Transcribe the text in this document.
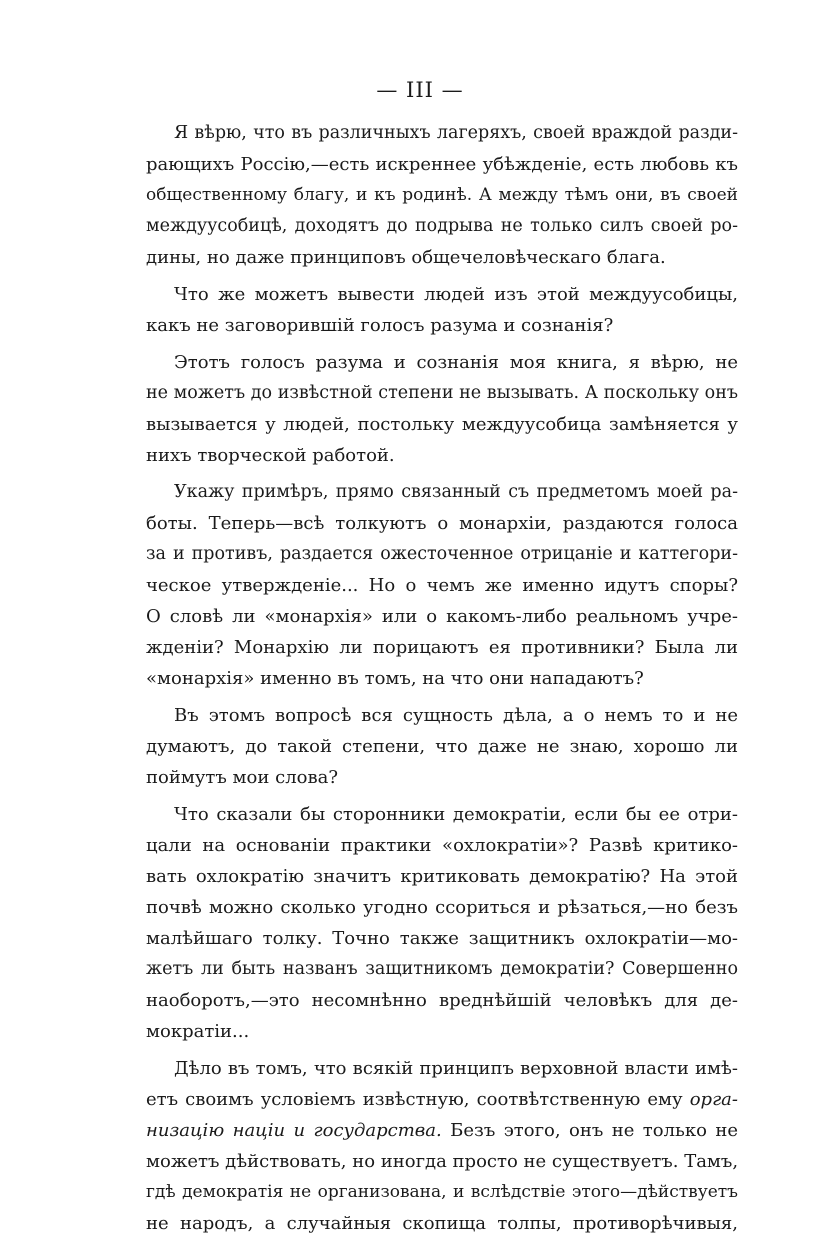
— III —
Я вѣрю, что въ различныхъ лагеряхъ, своей враждой разди-
рающихъ Россію,—есть искреннее убѣжденіе, есть любовь къ
общественному благу, и къ родинѣ. А между тѣмъ они, въ своей
междуусобицѣ, доходятъ до подрыва не только силъ своей ро-
дины, но даже принциповъ общечеловѣческаго блага.
Что же можетъ вывести людей изъ этой междуусобицы,
какъ не заговорившій голосъ разума и сознанія?
Этотъ голосъ разума и сознанія моя книга, я вѣрю, не
не можетъ до извѣстной степени не вызывать. А поскольку онъ
вызывается у людей, постольку междуусобица замѣняется у
нихъ творческой работой.
Укажу примѣръ, прямо связанный съ предметомъ моей ра-
боты. Теперь—всѣ толкуютъ о монархіи, раздаются голоса
за и противъ, раздается ожесточенное отрицаніе и каттегори-
ческое утвержденіе... Но о чемъ же именно идутъ споры?
О словѣ ли «монархія» или о какомъ-либо реальномъ учре-
жденіи? Монархію ли порицаютъ ея противники? Была ли
«монархія» именно въ томъ, на что они нападаютъ?
Въ этомъ вопросѣ вся сущность дѣла, а о немъ то и не
думаютъ, до такой степени, что даже не знаю, хорошо ли
поймутъ мои слова?
Что сказали бы сторонники демократіи, если бы ее отри-
цали на основаніи практики «охлократіи»? Развѣ критико-
вать охлократію значитъ критиковать демократію? На этой
почвѣ можно сколько угодно ссориться и рѣзаться,—но безъ
малѣйшаго толку. Точно также защитникъ охлократіи—мо-
жетъ ли быть названъ защитникомъ демократіи? Совершенно
наоборотъ,—это несомнѣнно вреднѣйшій человѣкъ для де-
мократіи...
Дѣло въ томъ, что всякій принципъ верховной власти имѣ-
етъ своимъ условіемъ извѣстную, соотвѣтственную ему орга-
низацію націи и государства. Безъ этого, онъ не только не
можетъ дѣйствовать, но иногда просто не существуетъ. Тамъ,
гдѣ демократія не организована, и вслѣдствіе этого—дѣйствуетъ
не народъ, а случайныя скопища толпы, противорѣчивыя,
